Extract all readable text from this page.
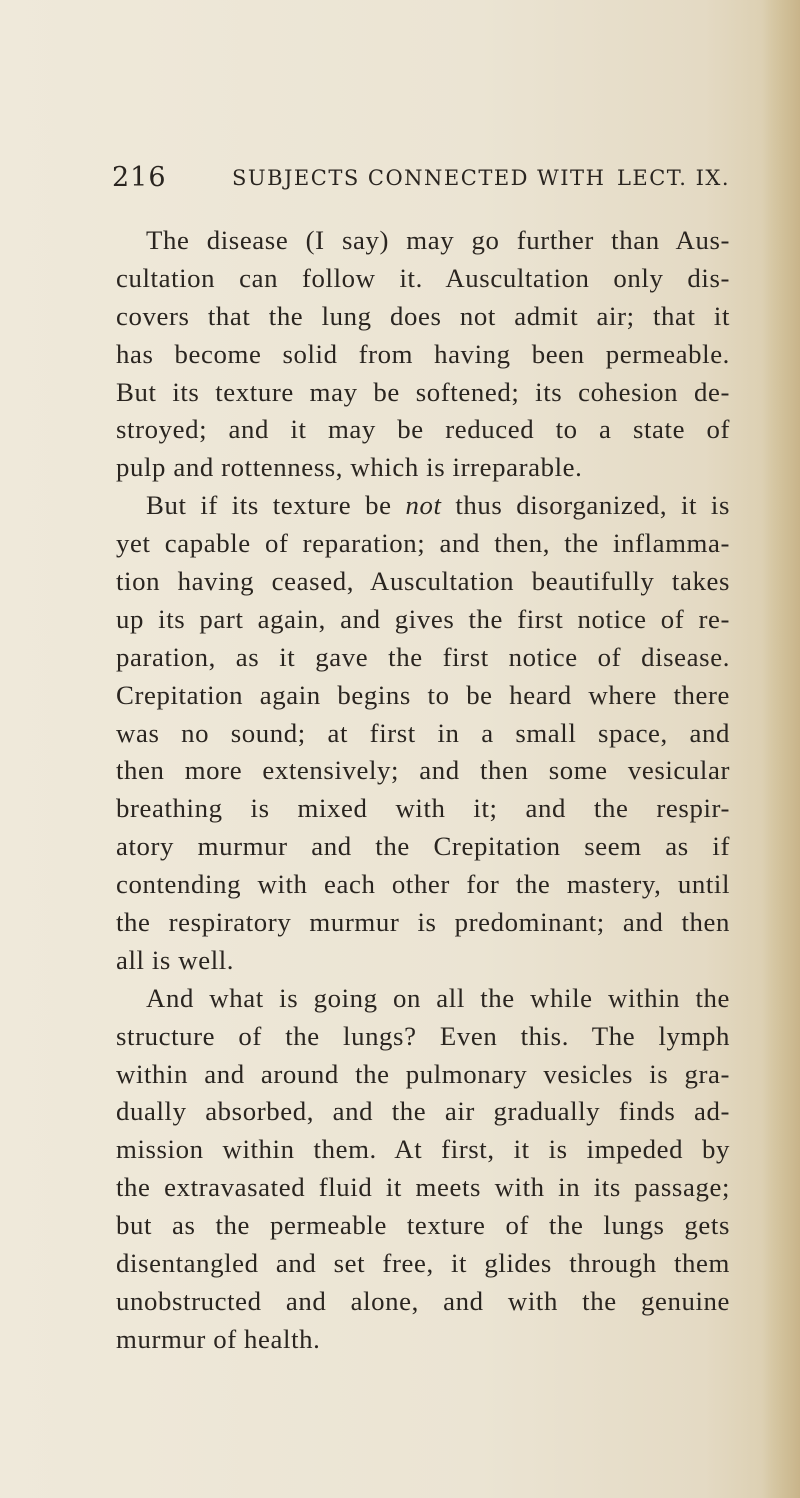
216	SUBJECTS CONNECTED WITH LECT. IX.
The disease (I say) may go further than Aus-
cultation can follow it. Auscultation only dis-
covers that the lung does not admit air; that it
has become solid from having been permeable.
But its texture may be softened; its cohesion de-
stroyed; and it may be reduced to a state of
pulp and rottenness, which is irreparable.
But if its texture be not thus disorganized, it is
yet capable of reparation; and then, the inflamma-
tion having ceased, Auscultation beautifully takes
up its part again, and gives the first notice of re-
paration, as it gave the first notice of disease.
Crepitation again begins to be heard where there
was no sound; at first in a small space, and
then more extensively; and then some vesicular
breathing is mixed with it; and the respir-
atory murmur and the Crepitation seem as if
contending with each other for the mastery, until
the respiratory murmur is predominant; and then
all is well.
And what is going on all the while within the
structure of the lungs? Even this. The lymph
within and around the pulmonary vesicles is gra-
dually absorbed, and the air gradually finds ad-
mission within them. At first, it is impeded by
the extravasated fluid it meets with in its passage;
but as the permeable texture of the lungs gets
disentangled and set free, it glides through them
unobstructed and alone, and with the genuine
murmur of health.
